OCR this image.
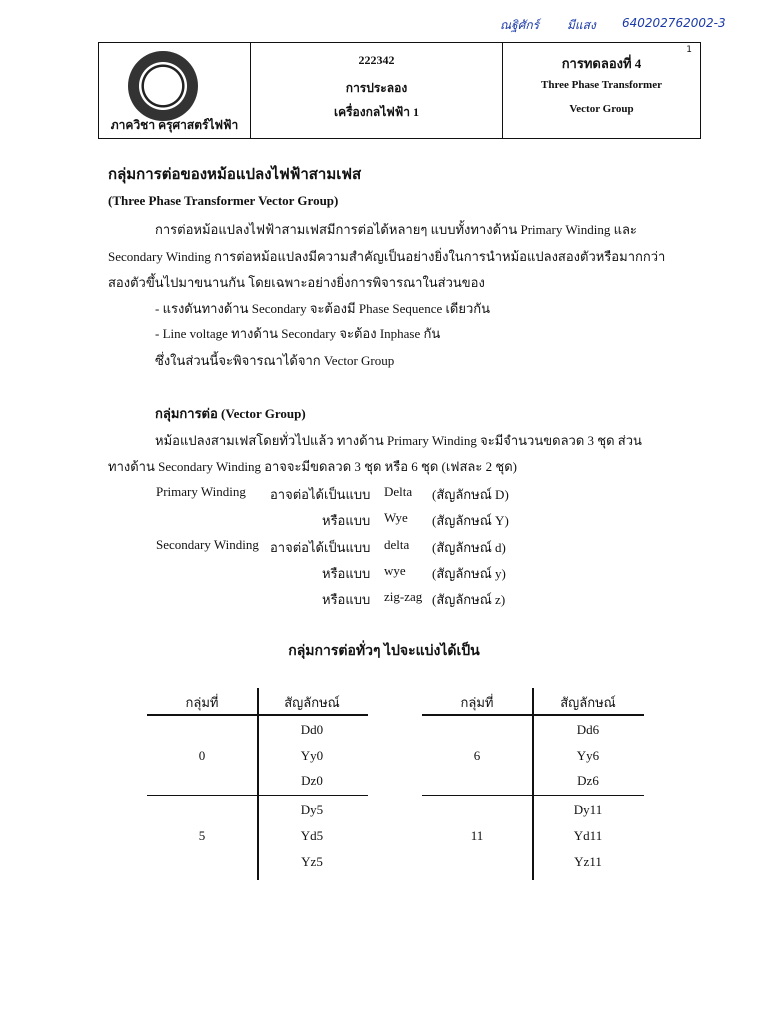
ณฐิศักร์ มีแสง 640202762002-3
ภาควิชา ครุศาสตร์ไฟฟ้า
222342
การประลอง
เครื่องกลไฟฟ้า 1
การทดลองที่ 4
Three Phase Transformer
Vector Group
1
กลุ่มการต่อของหม้อแปลงไฟฟ้าสามเฟส
(Three Phase Transformer Vector Group)
การต่อหม้อแปลงไฟฟ้าสามเฟสมีการต่อได้หลายๆ แบบทั้งทางด้าน Primary Winding และ
Secondary Winding การต่อหม้อแปลงมีความสำคัญเป็นอย่างยิ่งในการนำหม้อแปลงสองตัวหรือมากกว่า
สองตัวขึ้นไปมาขนานกัน โดยเฉพาะอย่างยิ่งการพิจารณาในส่วนของ
- แรงดันทางด้าน Secondary จะต้องมี Phase Sequence เดียวกัน
- Line voltage ทางด้าน Secondary จะต้อง Inphase กัน
ซึ่งในส่วนนี้จะพิจารณาได้จาก Vector Group
กลุ่มการต่อ (Vector Group)
หม้อแปลงสามเฟสโดยทั่วไปแล้ว ทางด้าน Primary Winding จะมีจำนวนขดลวด 3 ชุด ส่วน
ทางด้าน Secondary Winding อาจจะมีขดลวด 3 ชุด หรือ 6 ชุด (เฟสละ 2 ชุด)
Primary Winding อาจต่อได้เป็นแบบ Delta (สัญลักษณ์ D)
หรือแบบ Wye (สัญลักษณ์ Y)
Secondary Winding อาจต่อได้เป็นแบบ delta (สัญลักษณ์ d)
หรือแบบ wye (สัญลักษณ์ y)
หรือแบบ zig-zag (สัญลักษณ์ z)
กลุ่มการต่อทั่วๆ ไปจะแบ่งได้เป็น
กลุ่มที่	สัญลักษณ์
0
Dd0
Yy0
Dz0
5
Dy5
Yd5
Yz5
กลุ่มที่	สัญลักษณ์
6
Dd6
Yy6
Dz6
11
Dy11
Yd11
Yz11
